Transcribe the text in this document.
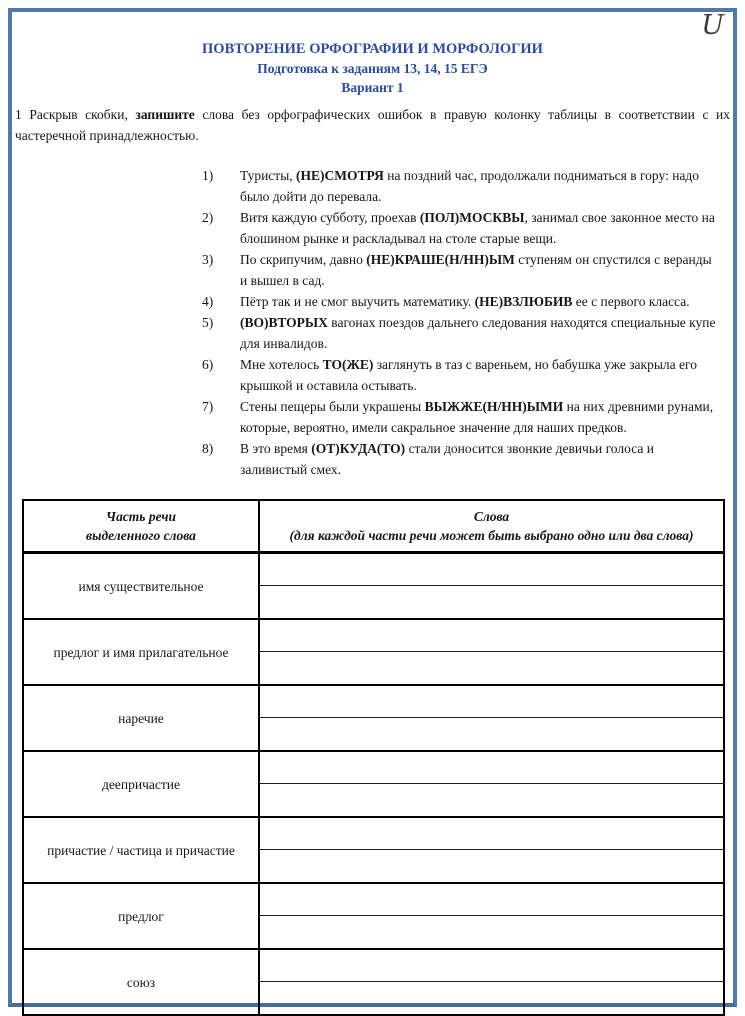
U
ПОВТОРЕНИЕ ОРФОГРАФИИ И МОРФОЛОГИИ
Подготовка к заданиям 13, 14, 15 ЕГЭ
Вариант 1
1 Раскрыв скобки, запишите слова без орфографических ошибок в правую колонку таблицы в соответствии с их частеречной принадлежностью.
1)	Туристы, (НЕ)СМОТРЯ на поздний час, продолжали подниматься в гору: надо было дойти до перевала.
2)	Витя каждую субботу, проехав (ПОЛ)МОСКВЫ, занимал свое законное место на блошином рынке и раскладывал на столе старые вещи.
3)	По скрипучим, давно (НЕ)КРАШЕ(Н/НН)ЫМ ступеням он спустился с веранды и вышел в сад.
4)	Пётр так и не смог выучить математику. (НЕ)ВЗЛЮБИВ ее с первого класса.
5)	(ВО)ВТОРЫХ вагонах поездов дальнего следования находятся специальные купе для инвалидов.
6)	Мне хотелось ТО(ЖЕ) заглянуть в таз с вареньем, но бабушка уже закрыла его крышкой и оставила остывать.
7)	Стены пещеры были украшены ВЫЖЖЕ(Н/НН)ЫМИ на них древними рунами, которые, вероятно, имели сакральное значение для наших предков.
8)	В это время (ОТ)КУДА(ТО) стали доносится звонкие девичьи голоса и заливистый смех.
Часть речи
выделенного слова

Слова
(для каждой части речи может быть выбрано одно или два слова)

имя существительное	

предлог и имя прилагательное	

наречие	

деепричастие	

причастие / частица и причастие	

предлог	

союз	
